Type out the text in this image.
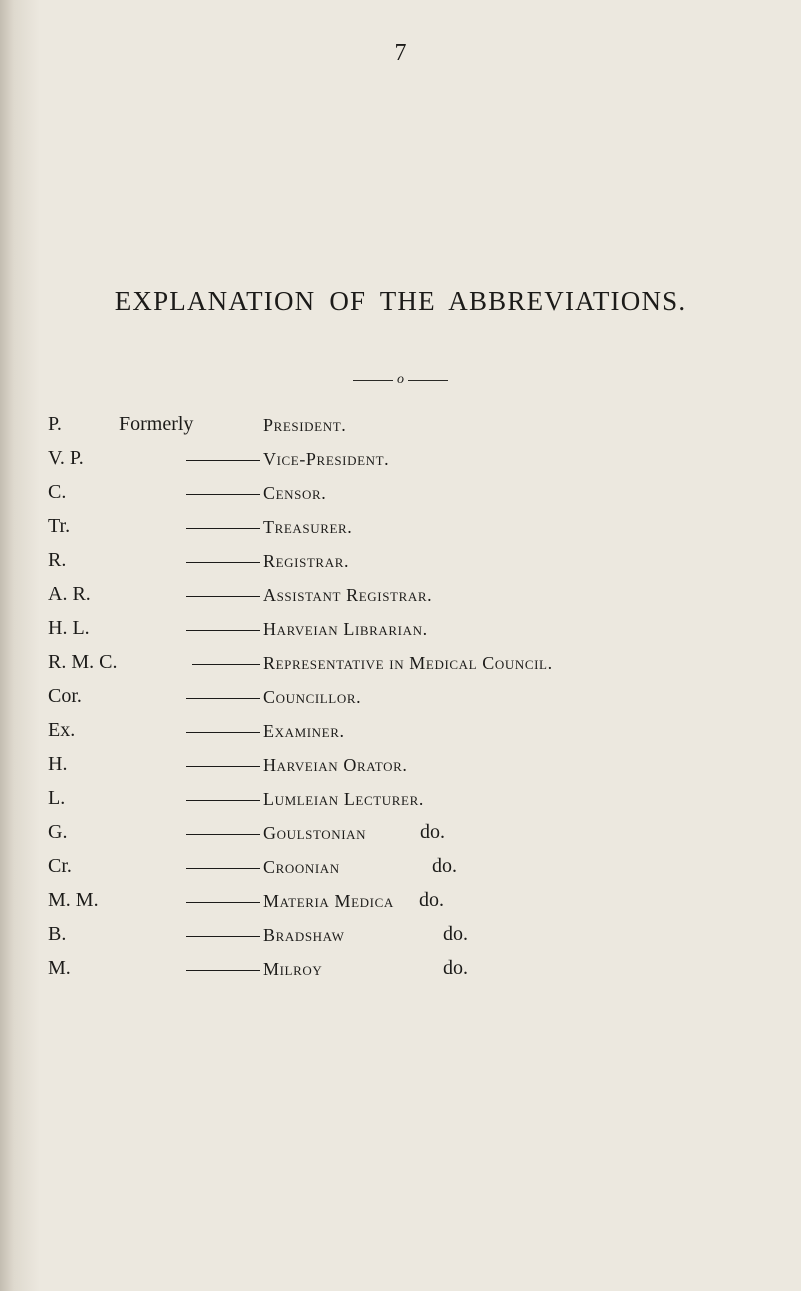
7
EXPLANATION OF THE ABBREVIATIONS.
o
P.	Formerly	President.
V. P.	Vice-President.
C.	Censor.
Tr.	Treasurer.
R.	Registrar.
A. R.	Assistant Registrar.
H. L.	Harveian Librarian.
R. M. C.	Representative in Medical Council.
Cor.	Councillor.
Ex.	Examiner.
H.	Harveian Orator.
L.	Lumleian Lecturer.
G.	Goulstonian	do.
Cr.	Croonian	do.
M. M.	Materia Medica do.
B.	Bradshaw	do.
M.	Milroy	do.
